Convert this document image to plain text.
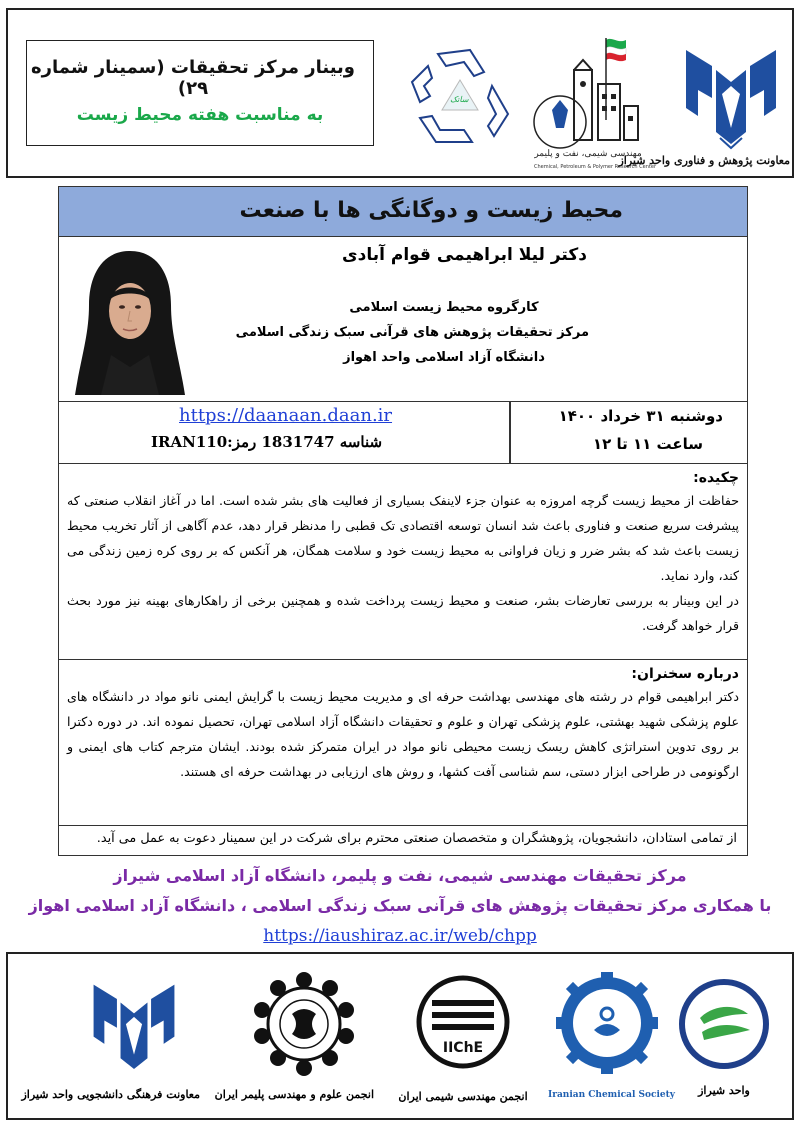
وبینار مرکز تحقیقات (سمینار شماره ۲۹)
به مناسبت هفته محیط زیست
ساتک
مهندسی شیمی، نفت و پلیمر
Chemical, Petroleum & Polymer Research Center
معاونت پژوهش و فناوری واحد شیراز
محیط زیست و دوگانگی ها با صنعت
دکتر لیلا ابراهیمی قوام آبادی
کارگروه محیط زیست اسلامی
مرکز تحقیقات پژوهش های قرآنی سبک زندگی اسلامی
دانشگاه آزاد اسلامی واحد اهواز
https://daanaan.daan.ir
شناسه 1831747 رمز:IRAN110
دوشنبه ۳۱ خرداد ۱۴۰۰
ساعت ۱۱ تا ۱۲
چکیده:

حفاظت از محیط زیست گرچه امروزه به عنوان جزء لاینفک بسیاری از فعالیت های بشر شده است. اما در آغاز انقلاب صنعتی که پیشرفت سریع صنعت و فناوری باعث شد انسان توسعه اقتصادی تک قطبی را مدنظر قرار دهد، عدم آگاهی از آثار تخریب محیط زیست باعث شد که بشر ضرر و زیان فراوانی به محیط زیست خود و سلامت همگان، هر آنکس که بر روی کره زمین زندگی می کند، وارد نماید.

در این وبینار به بررسی تعارضات بشر، صنعت و محیط زیست پرداخت شده و همچنین برخی از راهکارهای بهینه نیز مورد بحث قرار خواهد گرفت.

درباره سخنران:

دکتر ابراهیمی قوام در رشته های مهندسی بهداشت حرفه ای و مدیریت محیط زیست با گرایش ایمنی نانو مواد در دانشگاه های علوم پزشکی شهید بهشتی، علوم پزشکی تهران و علوم و تحقیقات دانشگاه آزاد اسلامی تهران، تحصیل نموده اند. در دوره دکترا بر روی تدوین استراتژی کاهش ریسک زیست محیطی نانو مواد در ایران متمرکز شده بودند. ایشان مترجم کتاب های ایمنی و ارگونومی در طراحی ابزار دستی، سم شناسی آفت کشها، و روش های ارزیابی در بهداشت حرفه ای هستند.

از تمامی استادان، دانشجویان، پژوهشگران و متخصصان صنعتی محترم برای شرکت در این سمینار دعوت به عمل می آید.
مرکز تحقیقات مهندسی شیمی، نفت و پلیمر، دانشگاه آزاد اسلامی شیراز
با همکاری مرکز تحقیقات پژوهش های قرآنی سبک زندگی اسلامی ، دانشگاه آزاد اسلامی اهواز
https://iaushiraz.ac.ir/web/chpp
معاونت فرهنگی دانشجویی واحد شیراز انجمن علوم و مهندسی پلیمر ایران
IIChE
انجمن مهندسی شیمی ایران Iranian Chemical Society	واحد شیراز
